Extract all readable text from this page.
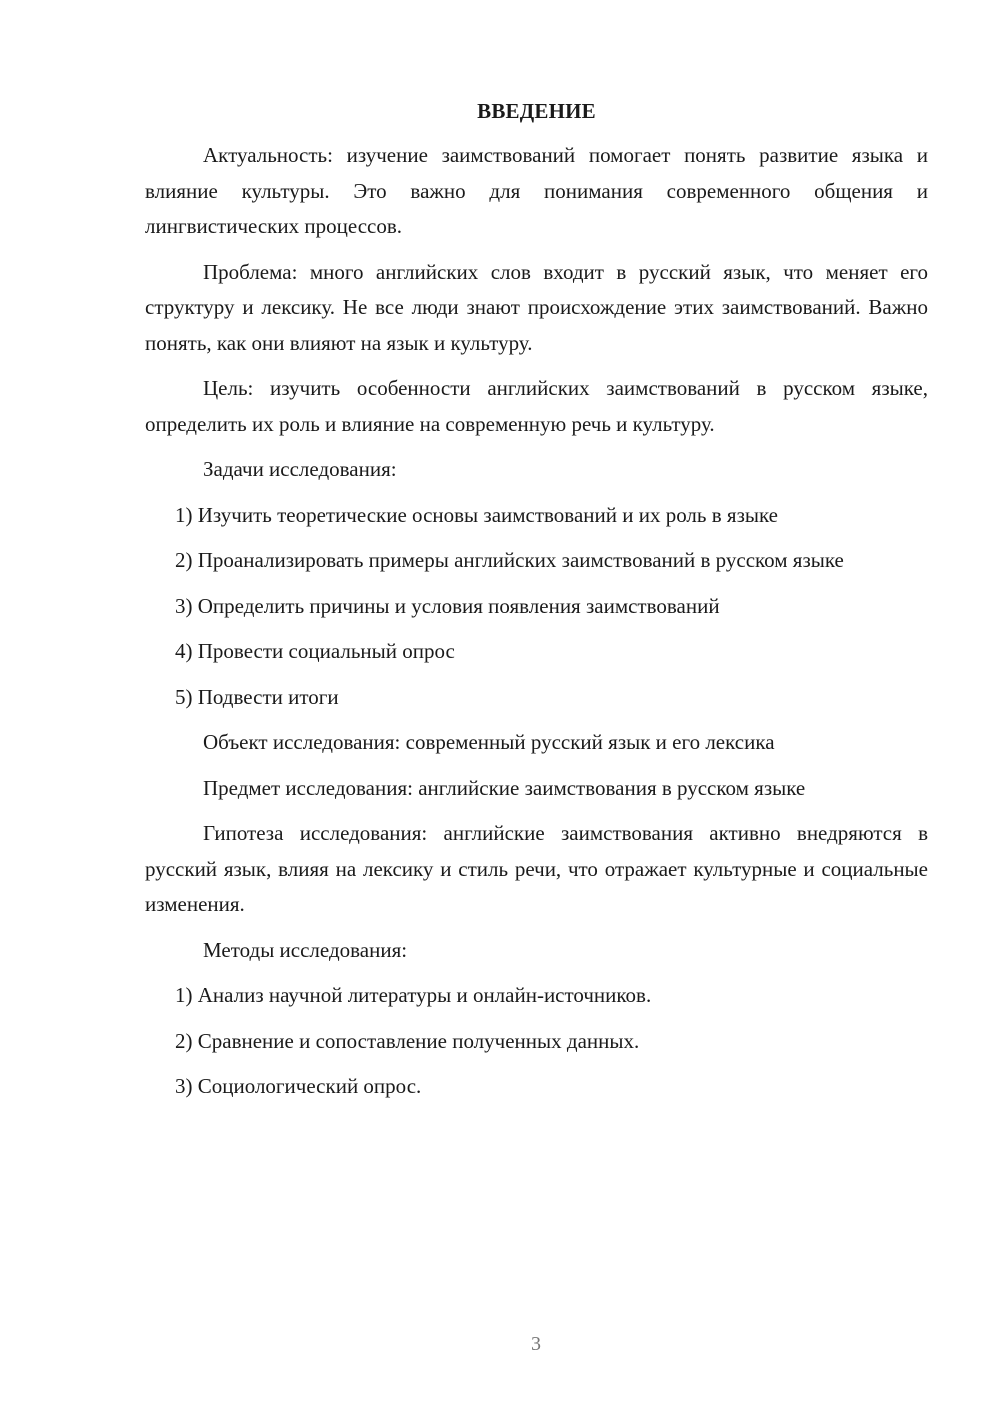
ВВЕДЕНИЕ

Актуальность: изучение заимствований помогает понять развитие языка и влияние культуры. Это важно для понимания современного общения и лингвистических процессов.

Проблема: много английских слов входит в русский язык, что меняет его структуру и лексику. Не все люди знают происхождение этих заимствований. Важно понять, как они влияют на язык и культуру.

Цель: изучить особенности английских заимствований в русском языке, определить их роль и влияние на современную речь и культуру.

Задачи исследования:

1) Изучить теоретические основы заимствований и их роль в языке

2) Проанализировать примеры английских заимствований в русском языке

3) Определить причины и условия появления заимствований

4) Провести социальный опрос

5) Подвести итоги

Объект исследования: современный русский язык и его лексика

Предмет исследования: английские заимствования в русском языке

Гипотеза исследования: английские заимствования активно внедряются в русский язык, влияя на лексику и стиль речи, что отражает культурные и социальные изменения.

Методы исследования:

1) Анализ научной литературы и онлайн-источников.

2) Сравнение и сопоставление полученных данных.

3) Социологический опрос.

3
